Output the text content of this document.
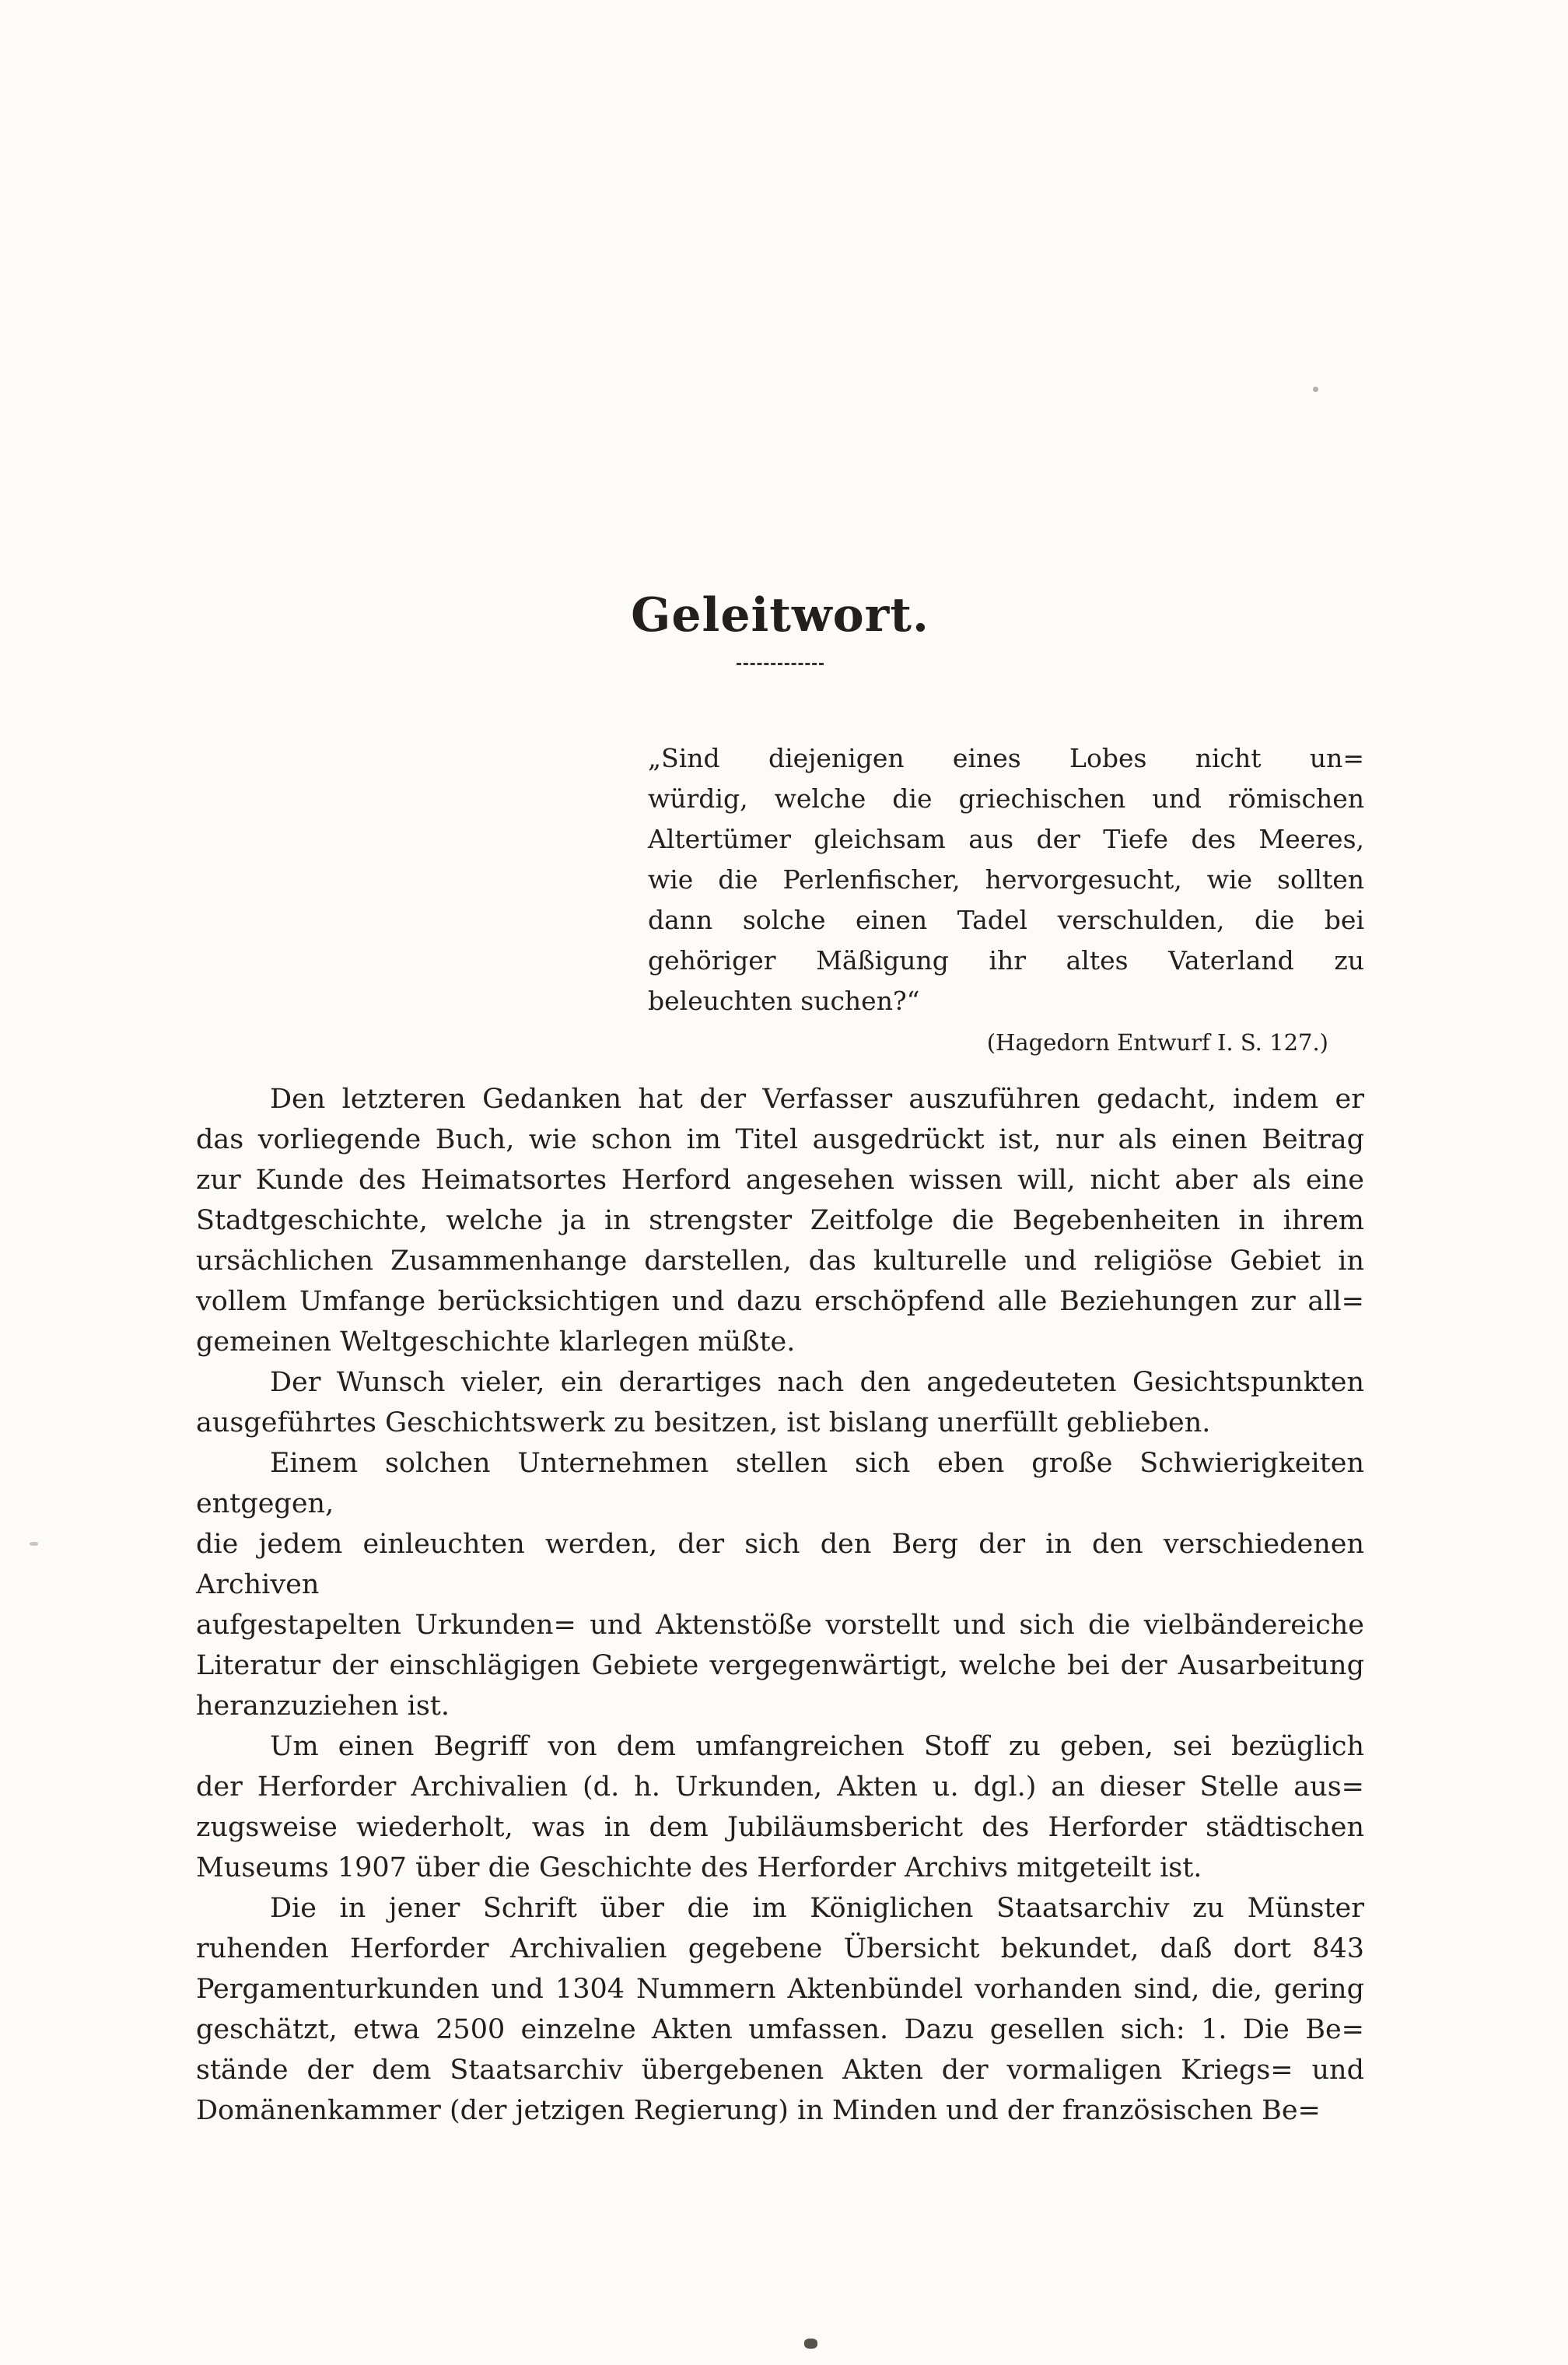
Geleitwort.
„Sind diejenigen eines Lobes nicht un=
würdig, welche die griechischen und römischen
Altertümer gleichsam aus der Tiefe des Meeres,
wie die Perlenfischer, hervorgesucht, wie sollten
dann solche einen Tadel verschulden, die bei
gehöriger Mäßigung ihr altes Vaterland zu
beleuchten suchen?“
(Hagedorn Entwurf I. S. 127.)

Den letzteren Gedanken hat der Verfasser auszuführen gedacht, indem er
das vorliegende Buch, wie schon im Titel ausgedrückt ist, nur als einen Beitrag
zur Kunde des Heimatsortes Herford angesehen wissen will, nicht aber als eine
Stadtgeschichte, welche ja in strengster Zeitfolge die Begebenheiten in ihrem
ursächlichen Zusammenhange darstellen, das kulturelle und religiöse Gebiet in
vollem Umfange berücksichtigen und dazu erschöpfend alle Beziehungen zur all=
gemeinen Weltgeschichte klarlegen müßte.

Der Wunsch vieler, ein derartiges nach den angedeuteten Gesichtspunkten
ausgeführtes Geschichtswerk zu besitzen, ist bislang unerfüllt geblieben.

Einem solchen Unternehmen stellen sich eben große Schwierigkeiten entgegen,
die jedem einleuchten werden, der sich den Berg der in den verschiedenen Archiven
aufgestapelten Urkunden= und Aktenstöße vorstellt und sich die vielbändereiche
Literatur der einschlägigen Gebiete vergegenwärtigt, welche bei der Ausarbeitung
heranzuziehen ist.

Um einen Begriff von dem umfangreichen Stoff zu geben, sei bezüglich
der Herforder Archivalien (d. h. Urkunden, Akten u. dgl.) an dieser Stelle aus=
zugsweise wiederholt, was in dem Jubiläumsbericht des Herforder städtischen
Museums 1907 über die Geschichte des Herforder Archivs mitgeteilt ist.

Die in jener Schrift über die im Königlichen Staatsarchiv zu Münster
ruhenden Herforder Archivalien gegebene Übersicht bekundet, daß dort 843
Pergamenturkunden und 1304 Nummern Aktenbündel vorhanden sind, die, gering
geschätzt, etwa 2500 einzelne Akten umfassen. Dazu gesellen sich: 1. Die Be=
stände der dem Staatsarchiv übergebenen Akten der vormaligen Kriegs= und
Domänenkammer (der jetzigen Regierung) in Minden und der französischen Be=
